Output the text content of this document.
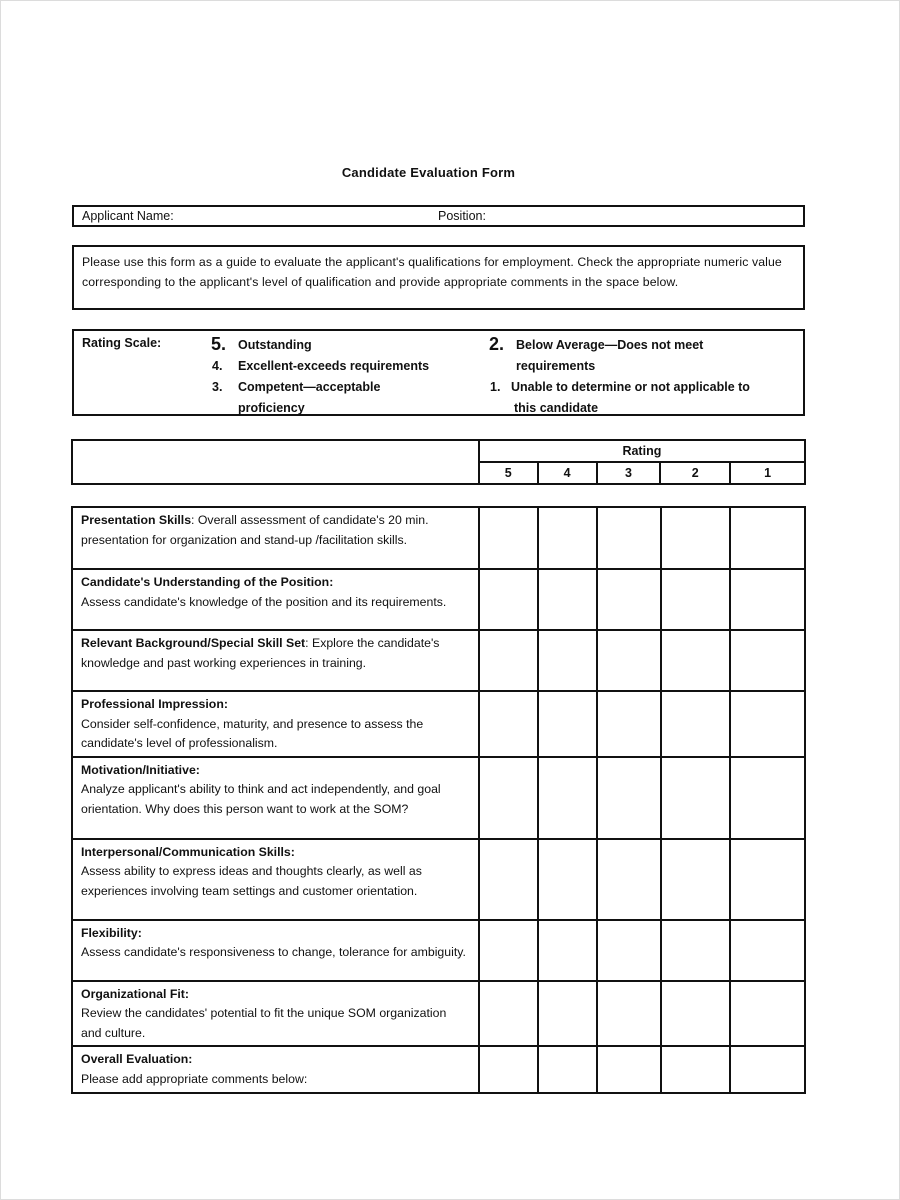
Candidate Evaluation Form
Applicant Name:	Position:

Please use this form as a guide to evaluate the applicant's qualifications for employment. Check the appropriate numeric value corresponding to the applicant's level of qualification and provide appropriate comments in the space below.

Rating Scale:	5. Outstanding
4. Excellent-exceeds requirements
3. Competent—acceptable
proficiency
2. Below Average—Does not meet
requirements
1. Unable to determine or not applicable to
this candidate
	Rating				
	5	4	3	2	1
Presentation Skills: Overall assessment of candidate's 20 min. presentation for organization and stand-up /facilitation skills.					
Candidate's Understanding of the Position:
Assess candidate's knowledge of the position and its requirements.					
Relevant Background/Special Skill Set: Explore the candidate's knowledge and past working experiences in training.					
Professional Impression:
Consider self-confidence, maturity, and presence to assess the candidate's level of professionalism.					
Motivation/Initiative:
Analyze applicant's ability to think and act independently, and goal orientation. Why does this person want to work at the SOM?					
Interpersonal/Communication Skills:
Assess ability to express ideas and thoughts clearly, as well as experiences involving team settings and customer orientation.					
Flexibility:
Assess candidate's responsiveness to change, tolerance for ambiguity.					
Organizational Fit:
Review the candidates' potential to fit the unique SOM organization and culture.					
Overall Evaluation:
Please add appropriate comments below:					
